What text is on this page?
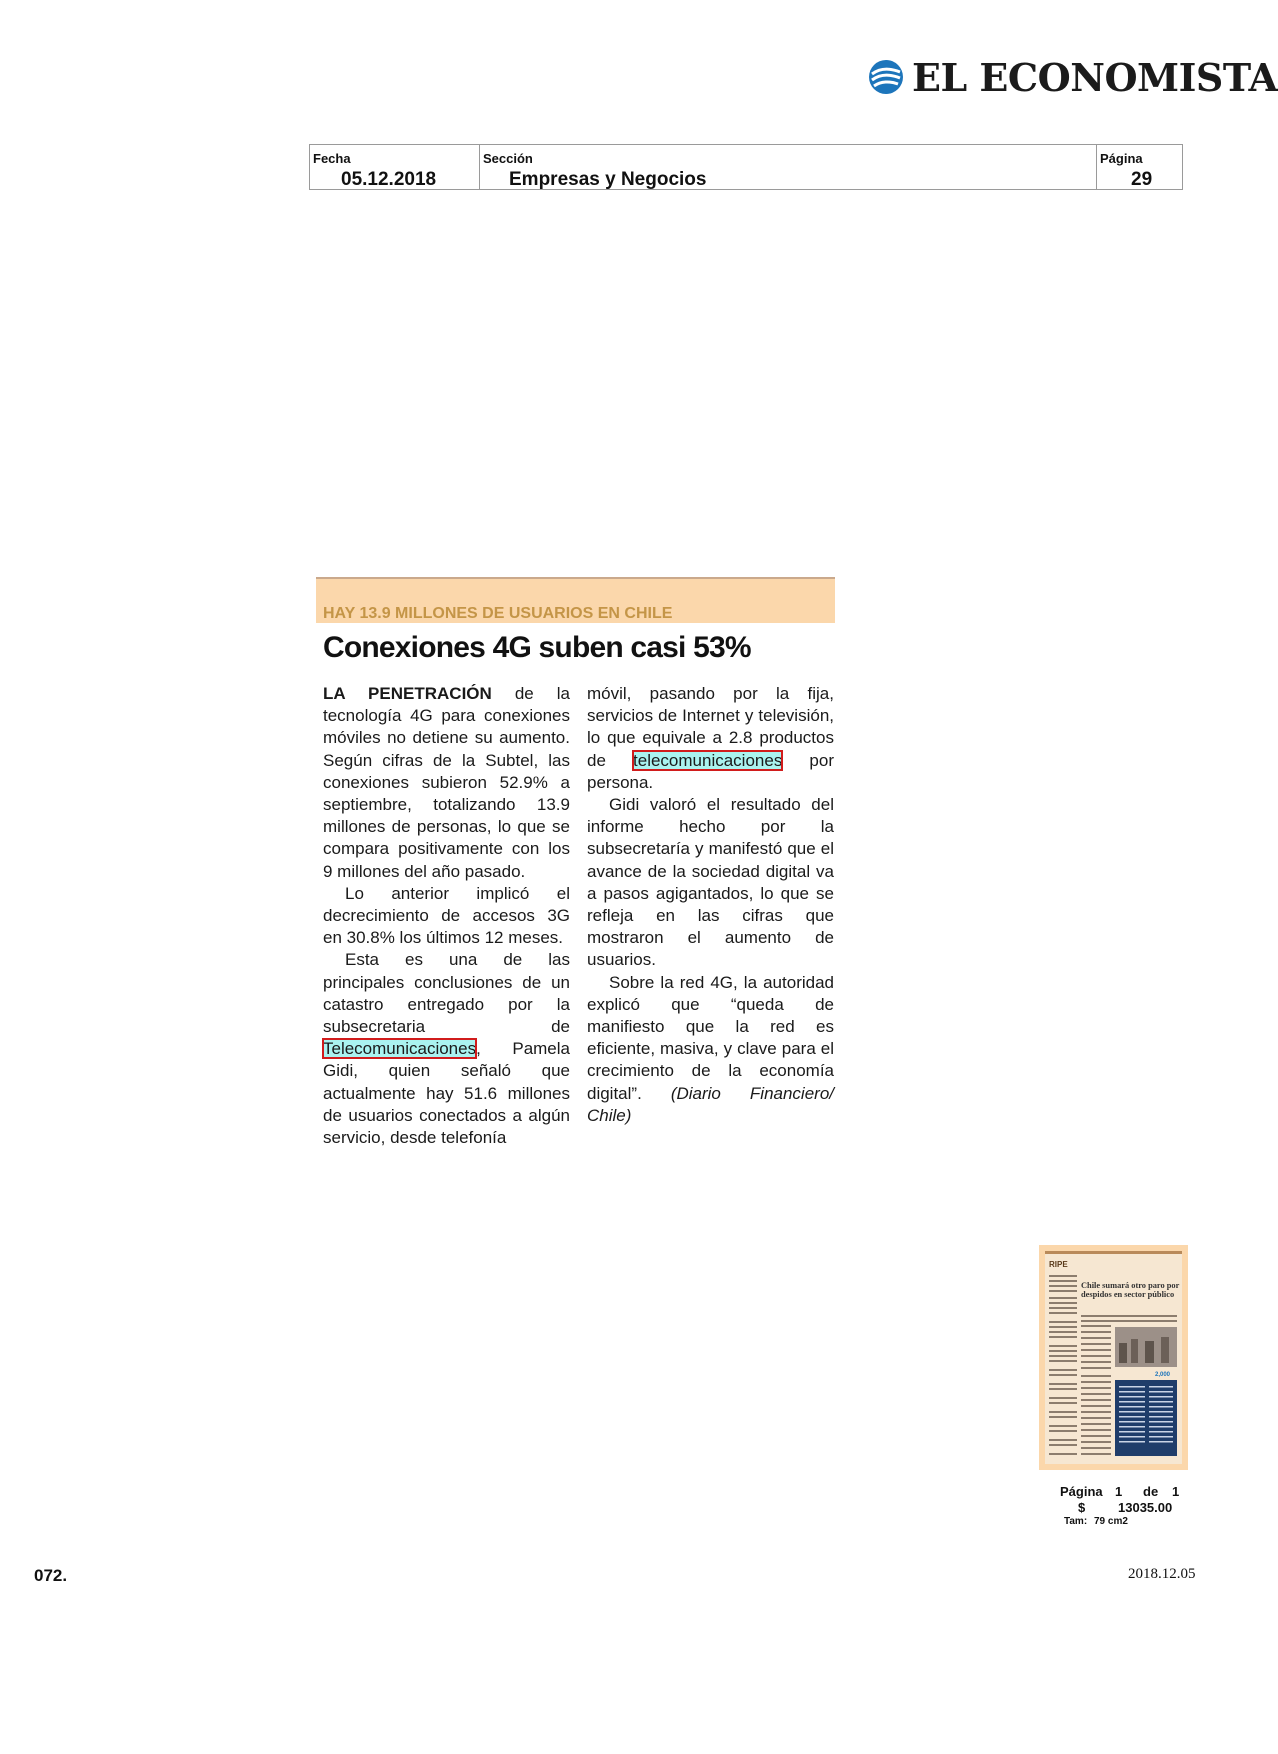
EL ECONOMISTA
Fecha
05.12.2018
Sección
Empresas y Negocios
Página
29
HAY 13.9 MILLONES DE USUARIOS EN CHILE
Conexiones 4G suben casi 53%

LA PENETRACIÓN de la tecnología 4G para conexiones móviles no detiene su aumento. Según cifras de la Subtel, las conexiones subieron 52.9% a septiembre, totalizando 13.9 millones de personas, lo que se compara positivamente con los 9 millones del año pasado.

Lo anterior implicó el decrecimiento de accesos 3G en 30.8% los últimos 12 meses.

Esta es una de las principales conclusiones de un catastro entregado por la subsecretaria de Telecomunicaciones, Pamela Gidi, quien señaló que actualmente hay 51.6 millones de usuarios conectados a algún servicio, desde telefonía

móvil, pasando por la fija, servicios de Internet y televisión, lo que equivale a 2.8 productos de telecomunicaciones por persona.

Gidi valoró el resultado del informe hecho por la subsecretaría y manifestó que el avance de la sociedad digital va a pasos agigantados, lo que se refleja en las cifras que mostraron el aumento de usuarios.

Sobre la red 4G, la autoridad explicó que “queda de manifiesto que la red es eficiente, masiva, y clave para el crecimiento de la economía digital”. (Diario Financiero/ Chile)

RIPE
Chile sumará otro paro por despidos en sector público
2,000
Página 1	de	1
$	13035.00
Tam: 79 cm2
072.	2018.12.05
